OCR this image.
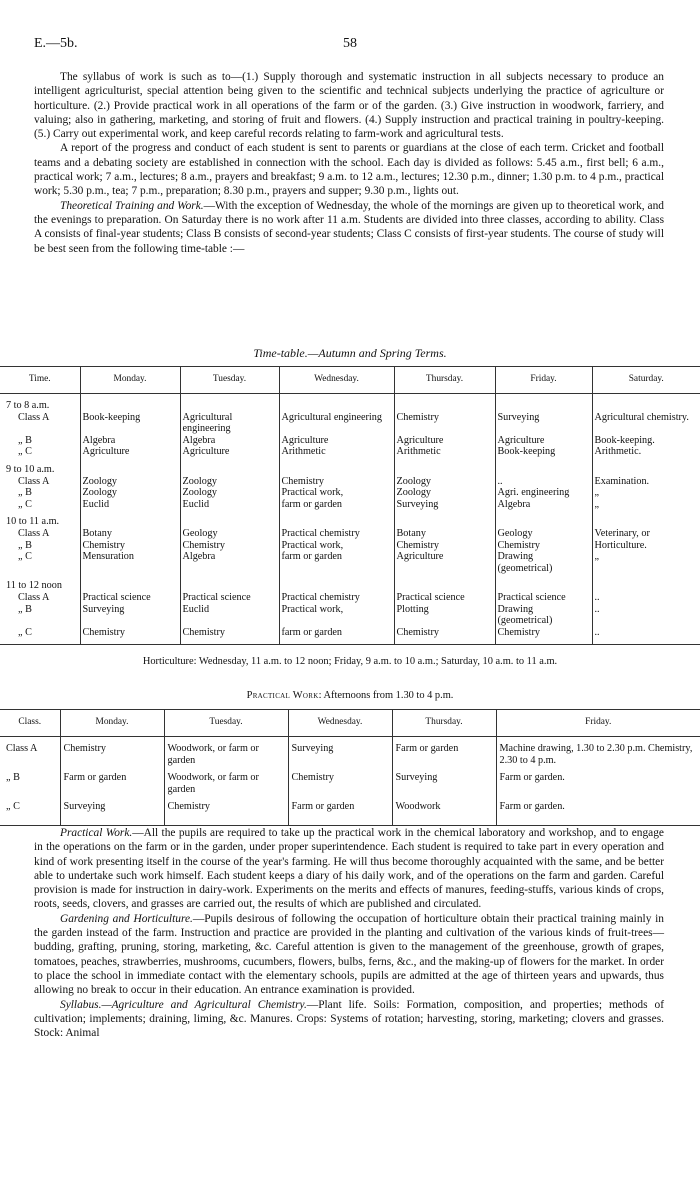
E.—5b.	58

The syllabus of work is such as to—(1.) Supply thorough and systematic instruction in all subjects necessary to produce an intelligent agriculturist, special attention being given to the scientific and technical subjects underlying the practice of agriculture or horticulture. (2.) Provide practical work in all operations of the farm or of the garden. (3.) Give instruction in woodwork, farriery, and valuing; also in gathering, marketing, and storing of fruit and flowers. (4.) Supply instruction and practical training in poultry-keeping. (5.) Carry out experimental work, and keep careful records relating to farm-work and agricultural tests.

A report of the progress and conduct of each student is sent to parents or guardians at the close of each term. Cricket and football teams and a debating society are established in connection with the school. Each day is divided as follows: 5.45 a.m., first bell; 6 a.m., practical work; 7 a.m., lectures; 8 a.m., prayers and breakfast; 9 a.m. to 12 a.m., lectures; 12.30 p.m., dinner; 1.30 p.m. to 4 p.m., practical work; 5.30 p.m., tea; 7 p.m., preparation; 8.30 p.m., prayers and supper; 9.30 p.m., lights out.

Theoretical Training and Work.—With the exception of Wednesday, the whole of the mornings are given up to theoretical work, and the evenings to preparation. On Saturday there is no work after 11 a.m. Students are divided into three classes, according to ability. Class A consists of final-year students; Class B consists of second-year students; Class C consists of first-year students. The course of study will be best seen from the following time-table :—

Time-table.—Autumn and Spring Terms.
Time.	Monday.	Tuesday.	Wednesday.	Thursday.	Friday.	Saturday.

7 to 8 a.m.						
Class A	Book-keeping	Agricultural engineering	Agricultural engineering	Chemistry	Surveying	Agricultural chemistry.
„ B	Algebra	Algebra	Agriculture	Agriculture	Agriculture	Book-keeping.
„ C	Agriculture	Agriculture	Arithmetic	Arithmetic	Book-keeping	Arithmetic.

9 to 10 a.m.						
Class A	Zoology	Zoology	Chemistry	Zoology	..	Examination.
„ B	Zoology	Zoology	Practical work,	Zoology	Agri. engineering	„
„ C	Euclid	Euclid	farm or garden	Surveying	Algebra	„

10 to 11 a.m.						
Class A	Botany	Geology	Practical chemistry	Botany	Geology	Veterinary, or
„ B	Chemistry	Chemistry	Practical work,	Chemistry	Chemistry	Horticulture.
„ C	Mensuration	Algebra	farm or garden	Agriculture	Drawing (geometrical)	„

11 to 12 noon						
Class A	Practical science	Practical science	Practical chemistry	Practical science	Practical science	..
„ B	Surveying	Euclid	Practical work,	Plotting	Drawing (geometrical)	..
„ C	Chemistry	Chemistry	farm or garden	Chemistry	Chemistry	..

Horticulture: Wednesday, 11 a.m. to 12 noon; Friday, 9 a.m. to 10 a.m.; Saturday, 10 a.m. to 11 a.m.
Practical Work: Afternoons from 1.30 to 4 p.m.
Class.	Monday.	Tuesday.	Wednesday.	Thursday.	Friday.

Class A	Chemistry	Woodwork, or farm or garden	Surveying	Farm or garden	Machine drawing, 1.30 to 2.30 p.m. Chemistry, 2.30 to 4 p.m.
„ B	Farm or garden	Woodwork, or farm or garden	Chemistry	Surveying	Farm or garden.
„ C	Surveying	Chemistry	Farm or garden	Woodwork	Farm or garden.

Practical Work.—All the pupils are required to take up the practical work in the chemical laboratory and workshop, and to engage in the operations on the farm or in the garden, under proper superintendence. Each student is required to take part in every operation and kind of work presenting itself in the course of the year's farming. He will thus become thoroughly acquainted with the same, and be better able to undertake such work himself. Each student keeps a diary of his daily work, and of the operations on the farm and garden. Careful provision is made for instruction in dairy-work. Experiments on the merits and effects of manures, feeding-stuffs, various kinds of crops, roots, seeds, clovers, and grasses are carried out, the results of which are published and circulated.

Gardening and Horticulture.—Pupils desirous of following the occupation of horticulture obtain their practical training mainly in the garden instead of the farm. Instruction and practice are provided in the planting and cultivation of the various kinds of fruit-trees—budding, grafting, pruning, storing, marketing, &c. Careful attention is given to the management of the greenhouse, growth of grapes, tomatoes, peaches, strawberries, mushrooms, cucumbers, flowers, bulbs, ferns, &c., and the making-up of flowers for the market. In order to place the school in immediate contact with the elementary schools, pupils are admitted at the age of thirteen years and upwards, thus allowing no break to occur in their education. An entrance examination is provided.

Syllabus.—Agriculture and Agricultural Chemistry.—Plant life. Soils: Formation, composition, and properties; methods of cultivation; implements; draining, liming, &c. Manures. Crops: Systems of rotation; harvesting, storing, marketing; clovers and grasses. Stock: Animal
